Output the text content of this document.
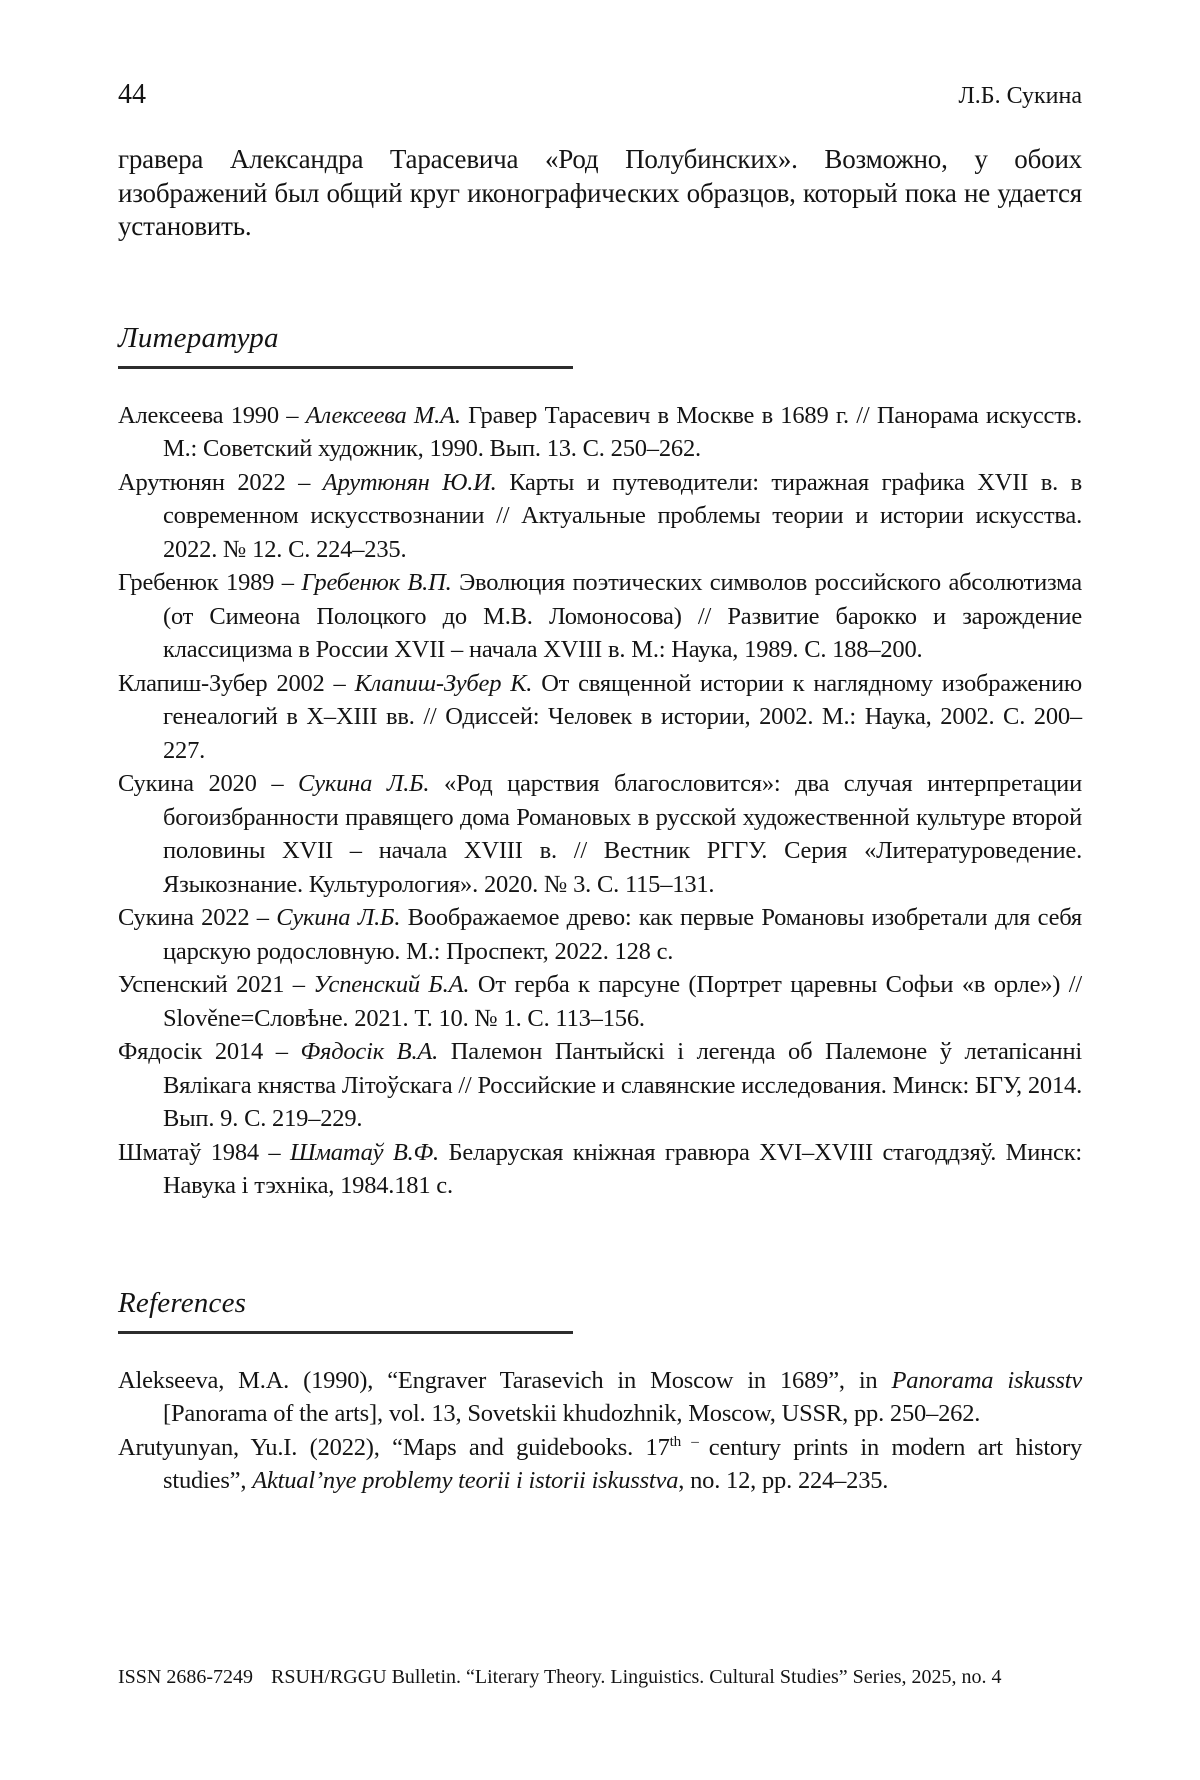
44	Л.Б. Сукина

гравера Александра Тарасевича «Род Полубинских». Возможно, у обоих изображений был общий круг иконографических образцов, который пока не удается установить.

Литература

Алексеева 1990 – Алексеева М.А. Гравер Тарасевич в Москве в 1689 г. // Панорама искусств. М.: Советский художник, 1990. Вып. 13. С. 250–262.

Арутюнян 2022 – Арутюнян Ю.И. Карты и путеводители: тиражная графика XVII в. в современном искусствознании // Актуальные проблемы теории и истории искусства. 2022. № 12. С. 224–235.

Гребенюк 1989 – Гребенюк В.П. Эволюция поэтических символов российского абсолютизма (от Симеона Полоцкого до М.В. Ломоносова) // Развитие барокко и зарождение классицизма в России XVII – начала XVIII в. М.: Наука, 1989. С. 188–200.

Клапиш-Зубер 2002 – Клапиш-Зубер К. От священной истории к наглядному изображению генеалогий в X–XIII вв. // Одиссей: Человек в истории, 2002. М.: Наука, 2002. С. 200–227.

Сукина 2020 – Сукина Л.Б. «Род царствия благословится»: два случая интерпретации богоизбранности правящего дома Романовых в русской художественной культуре второй половины XVII – начала XVIII в. // Вестник РГГУ. Серия «Литературоведение. Языкознание. Культурология». 2020. № 3. С. 115–131.

Сукина 2022 – Сукина Л.Б. Воображаемое древо: как первые Романовы изобретали для себя царскую родословную. М.: Проспект, 2022. 128 с.

Успенский 2021 – Успенский Б.А. От герба к парсуне (Портрет царевны Софьи «в орле») // Slověne=Словѣне. 2021. Т. 10. № 1. С. 113–156.

Фядосік 2014 – Фядосік В.А. Палемон Пантыйскі і легенда об Палемоне ў летапісанні Вялікага княства Літоўскага // Российские и славянские исследования. Минск: БГУ, 2014. Вып. 9. С. 219–229.

Шматаў 1984 – Шматаў В.Ф. Беларуская кніжная гравюра XVI–XVIII стагоддзяў. Минск: Навука і тэхніка, 1984.181 с.

References

Alekseeva, M.A. (1990), “Engraver Tarasevich in Moscow in 1689”, in Panorama iskusstv [Panorama of the arts], vol. 13, Sovetskii khudozhnik, Moscow, USSR, pp. 250–262.

Arutyunyan, Yu.I. (2022), “Maps and guidebooks. $17^{th -}$ century prints in modern art history studies”, Aktual’nye problemy teorii i istorii iskusstva, no. 12, pp. 224–235.

ISSN 2686-7249 RSUH/RGGU Bulletin. “Literary Theory. Linguistics. Cultural Studies” Series, 2025, no. 4
